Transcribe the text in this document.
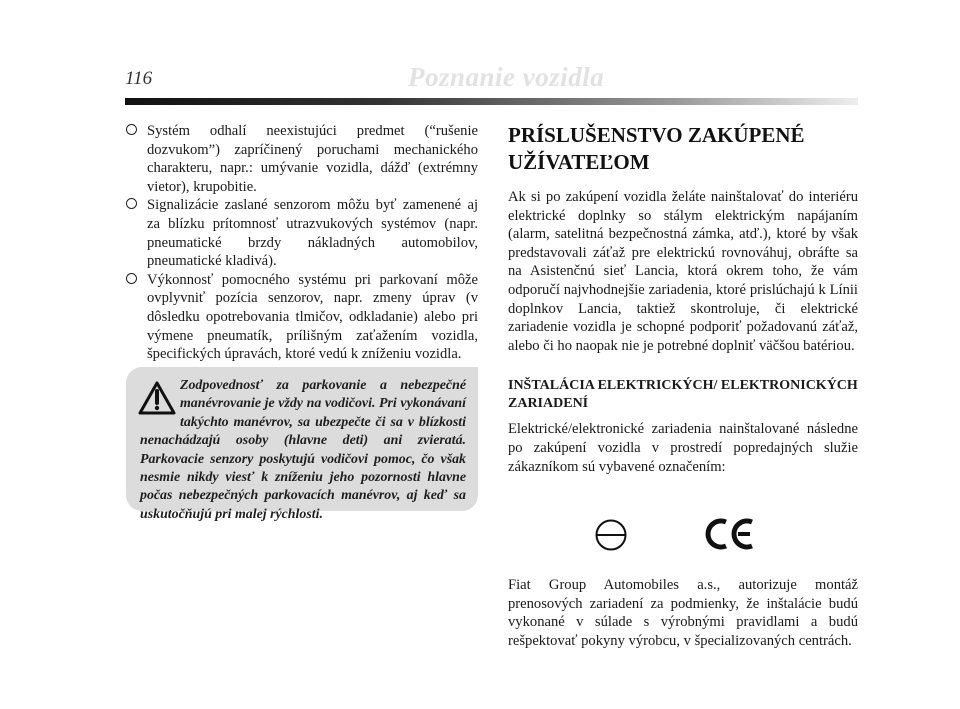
116	Poznanie vozidla
Systém odhalí neexistujúci predmet (“rušenie dozvukom”) zapríčinený poruchami mechanického charakteru, napr.: umývanie vozidla, dážď (extrémny vietor), krupobitie.
Signalizácie zaslané senzorom môžu byť zamenené aj za blízku prítomnosť utrazvukových systémov (napr. pneumatické brzdy nákladných automobilov, pneumatické kladivá).
Výkonnosť pomocného systému pri parkovaní môže ovplyvniť pozícia senzorov, napr. zmeny úprav (v dôsledku opotrebovania tlmičov, odkladanie) alebo pri výmene pneumatík, prílišným zaťažením vozidla, špecifických úpravách, ktoré vedú k zníženiu vozidla.
Zodpovednosť za parkovanie a nebezpečné manévrovanie je vždy na vodičovi. Pri vykonávaní takýchto manévrov, sa ubezpečte či sa v blízkosti nenachádzajú osoby (hlavne deti) ani zvieratá. Parkovacie senzory poskytujú vodičovi pomoc, čo však nesmie nikdy viesť k zníženiu jeho pozornosti hlavne počas nebezpečných parkovacích manévrov, aj keď sa uskutočňujú pri malej rýchlosti.
PRÍSLUŠENSTVO ZAKÚPENÉ
UŽÍVATEĽOM

Ak si po zakúpení vozidla želáte nainštalovať do interiéru elektrické doplnky so stálym elektrickým napájaním (alarm, satelitná bezpečnostná zámka, atď.), ktoré by však predstavovali záťaž pre elektrickú rovnováhuj, obráfte sa na Asistenčnú sieť Lancia, ktorá okrem toho, že vám odporučí najvhodnejšie zariadenia, ktoré prislúchajú k Línii doplnkov Lancia, taktiež skontroluje, či elektrické zariadenie vozidla je schopné podporiť požadovanú záťaž, alebo či ho naopak nie je potrebné doplniť väčšou batériou.

INŠTALÁCIA ELEKTRICKÝCH/ ELEKTRONICKÝCH ZARIADENÍ

Elektrické/elektronické zariadenia nainštalované následne po zakúpení vozidla v prostredí popredajných služie zákazníkom sú vybavené označením:

Fiat Group Automobiles a.s., autorizuje montáž prenosových zariadení za podmienky, že inštalácie budú vykonané v súlade s výrobnými pravidlami a budú rešpektovať pokyny výrobcu, v špecializovaných centrách.
